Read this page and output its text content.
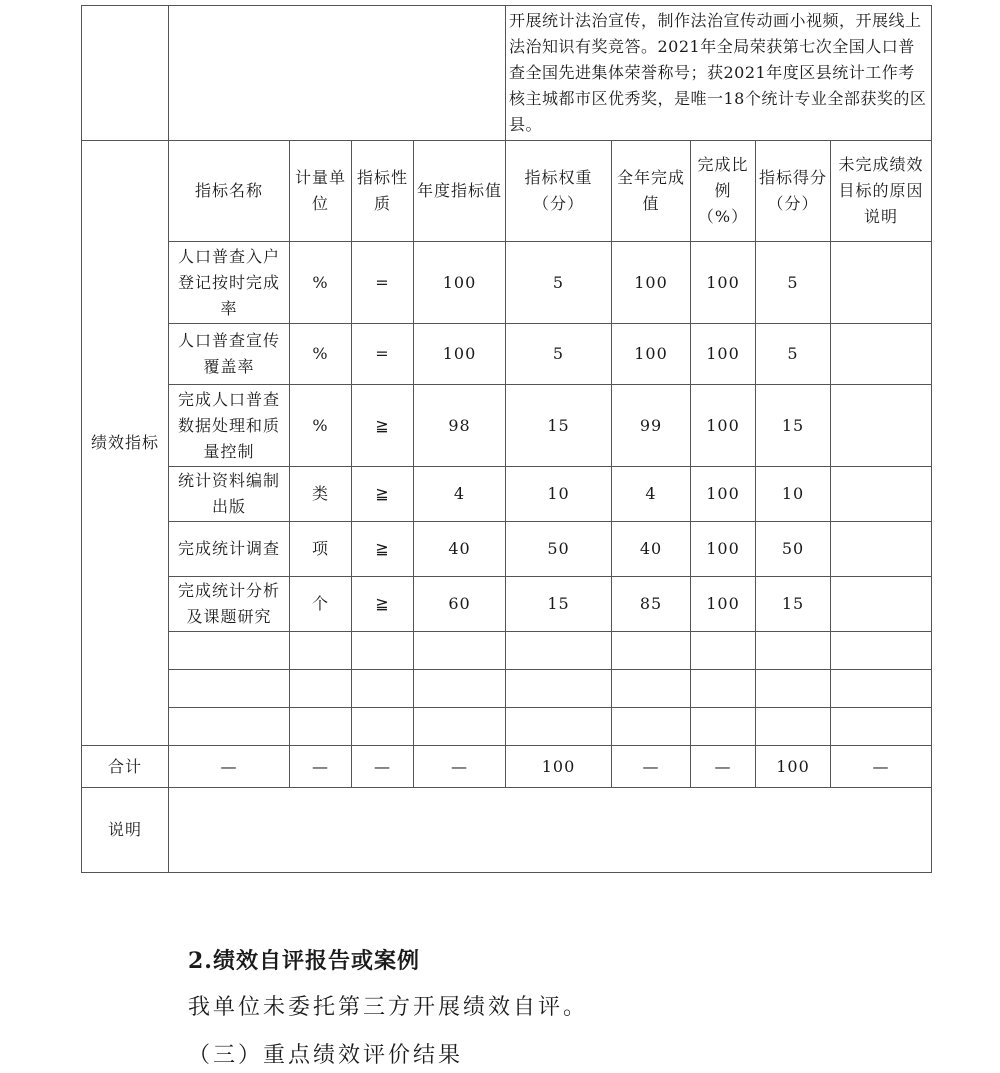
					开展统计法治宣传，制作法治宣传动画小视频，开展线上法治知识有奖竞答。2021年全局荣获第七次全国人口普查全国先进集体荣誉称号；获2021年度区县统计工作考核主城都市区优秀奖，是唯一18个统计专业全部获奖的区县。				
绩效指标	指标名称	计量单位	指标性质	年度指标值	指标权重（分）	全年完成值	完成比例（%）	指标得分（分）	未完成绩效目标的原因说明
	人口普查入户登记按时完成率	%	=	100	5	100	100	5	
	人口普查宣传覆盖率	%	=	100	5	100	100	5	
	完成人口普查数据处理和质量控制	%	≧	98	15	99	100	15	
	统计资料编制出版	类	≧	4	10	4	100	10	
	完成统计调查	项	≧	40	50	40	100	50	
	完成统计分析及课题研究	个	≧	60	15	85	100	15	

合计	—	—	—	—	100	—	—	100	—
说明									
2.绩效自评报告或案例
我单位未委托第三方开展绩效自评。
（三）重点绩效评价结果
